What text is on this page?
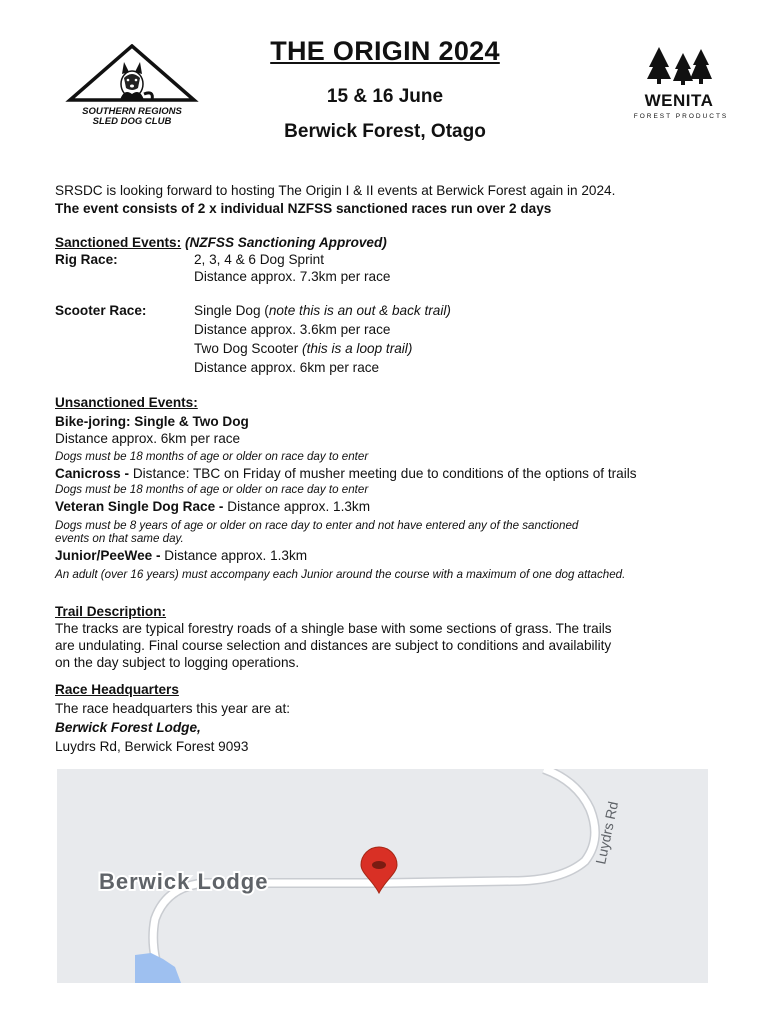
SOUTHERN REGIONS
SLED DOG CLUB
THE ORIGIN 2024
15 & 16 June
Berwick Forest, Otago
WENITA
FOREST PRODUCTS
SRSDC is looking forward to hosting The Origin I & II events at Berwick Forest again in 2024.
The event consists of 2 x individual NZFSS sanctioned races run over 2 days
Sanctioned Events: (NZFSS Sanctioning Approved)
Rig Race:	2, 3, 4 & 6 Dog Sprint
Distance approx. 7.3km per race
Scooter Race:	Single Dog (note this is an out & back trail)
Distance approx. 3.6km per race
Two Dog Scooter (this is a loop trail)
Distance approx. 6km per race
Unsanctioned Events:
Bike-joring: Single & Two Dog
Distance approx. 6km per race
Dogs must be 18 months of age or older on race day to enter
Canicross - Distance: TBC on Friday of musher meeting due to conditions of the options of trails
Dogs must be 18 months of age or older on race day to enter
Veteran Single Dog Race - Distance approx. 1.3km
Dogs must be 8 years of age or older on race day to enter and not have entered any of the sanctioned
events on that same day.
Junior/PeeWee - Distance approx. 1.3km
An adult (over 16 years) must accompany each Junior around the course with a maximum of one dog attached.
Trail Description:
The tracks are typical forestry roads of a shingle base with some sections of grass. The trails
are undulating. Final course selection and distances are subject to conditions and availability
on the day subject to logging operations.
Race Headquarters
The race headquarters this year are at:
Berwick Forest Lodge,
Luydrs Rd, Berwick Forest 9093
Luydrs Rd
Berwick Lodge
